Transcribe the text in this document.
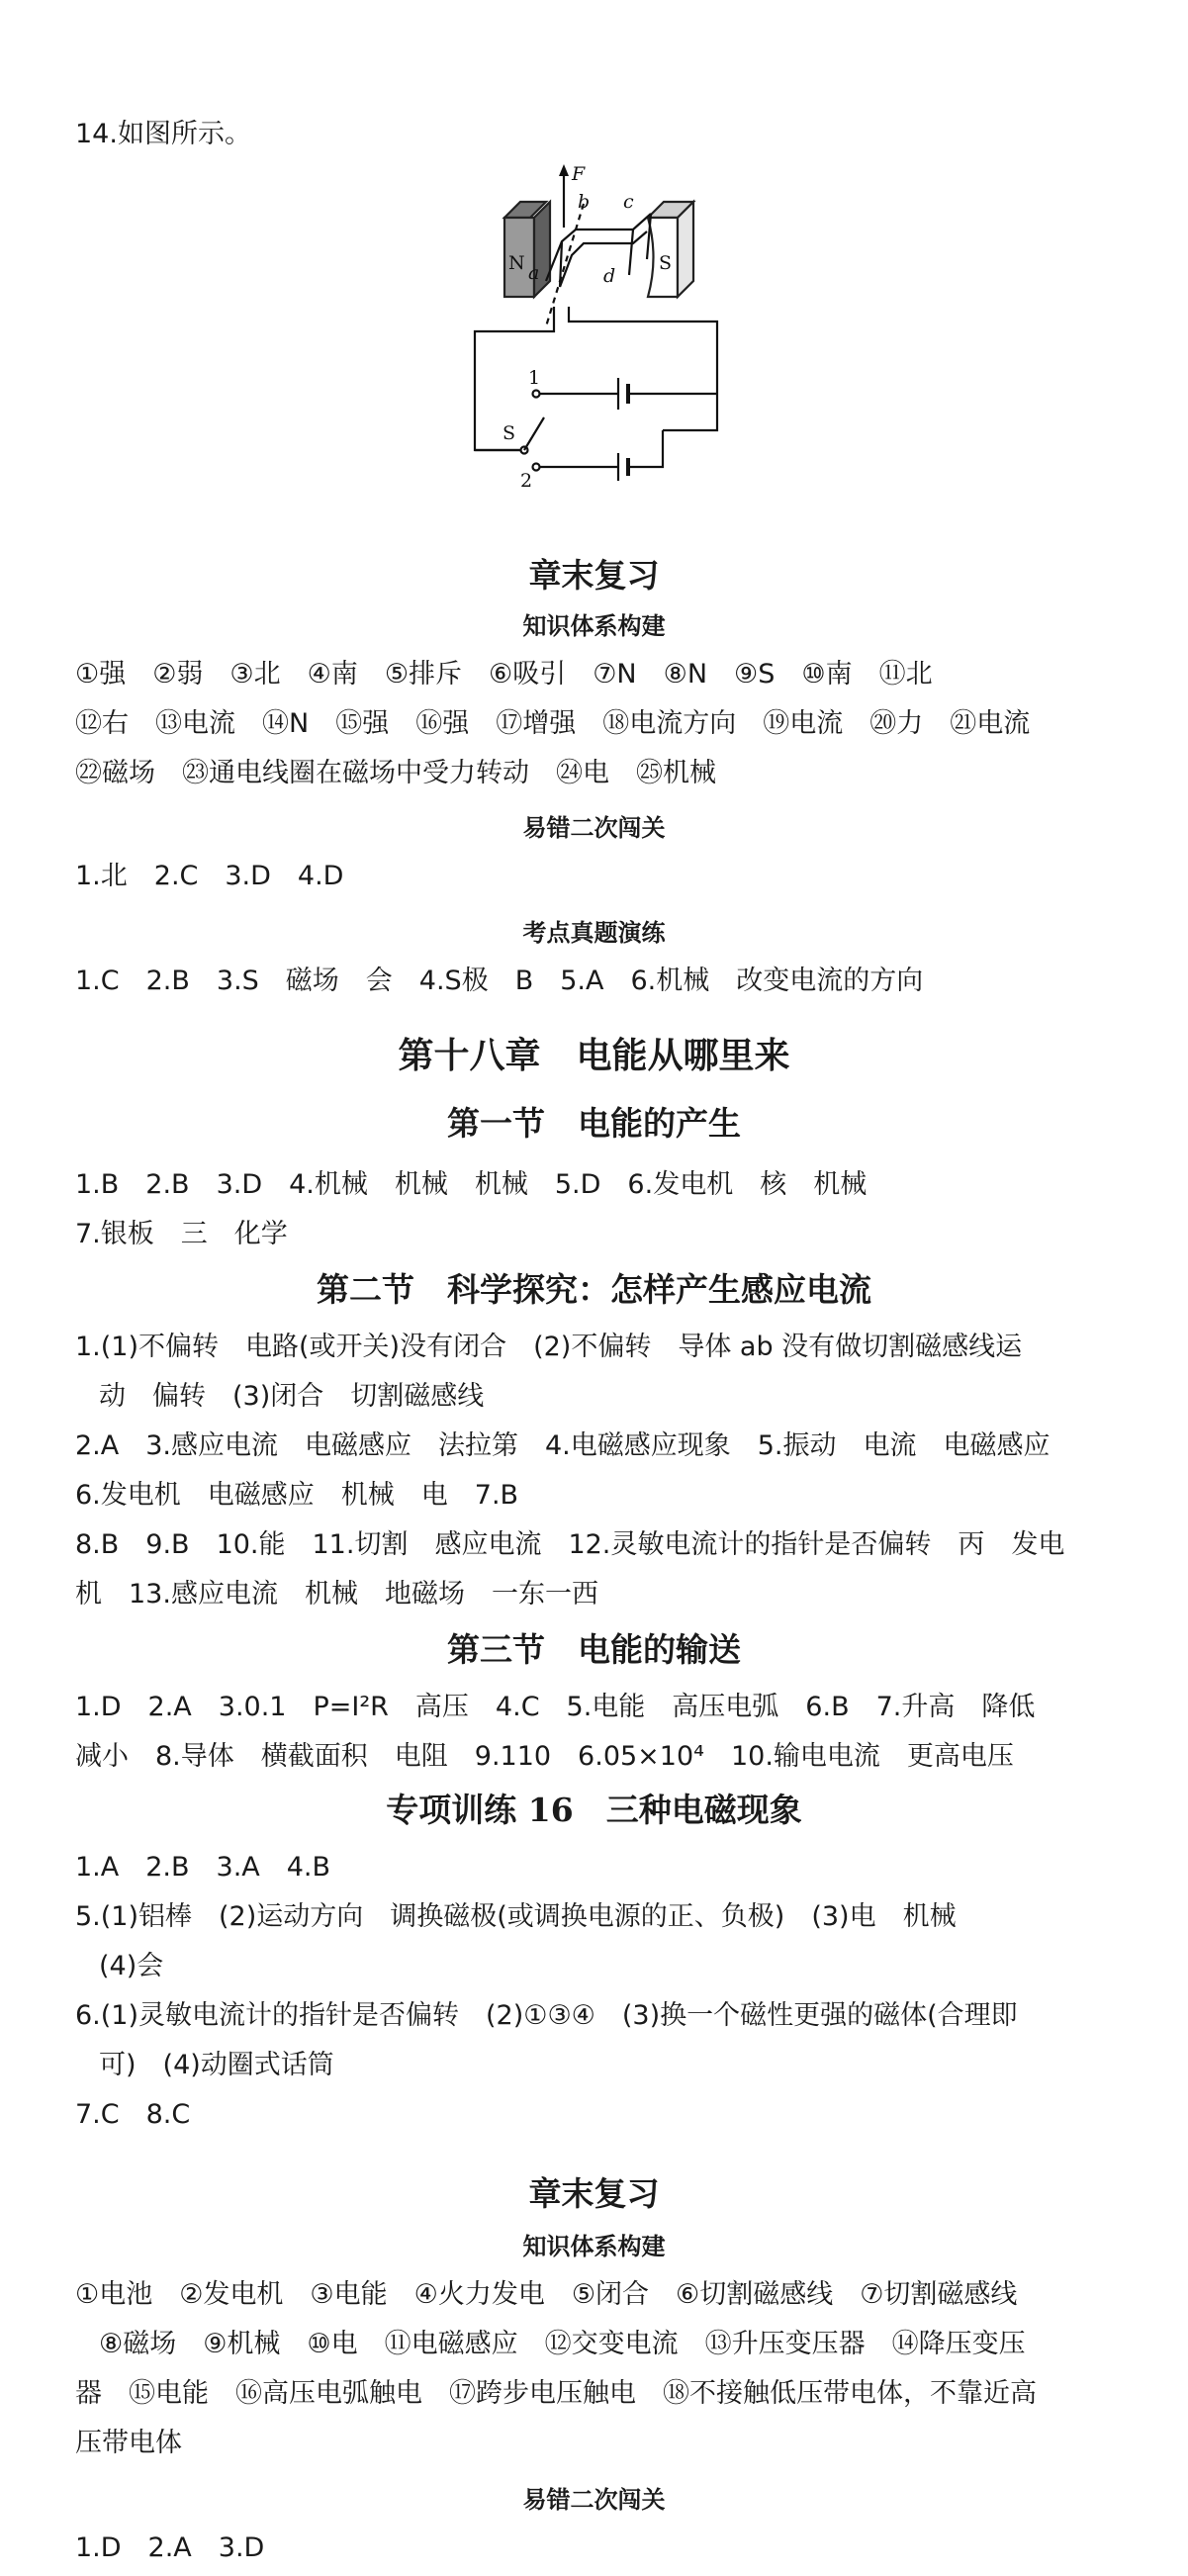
14.如图所示。
F
b c
a	d
N	S
S
1
2
章末复习
知识体系构建
①强　②弱　③北　④南　⑤排斥　⑥吸引　⑦N　⑧N　⑨S　⑩南　⑪北
⑫右　⑬电流　⑭N　⑮强　⑯强　⑰增强　⑱电流方向　⑲电流　⑳力　㉑电流
㉒磁场　㉓通电线圈在磁场中受力转动　㉔电　㉕机械
易错二次闯关
1.北　2.C　3.D　4.D
考点真题演练
1.C　2.B　3.S　磁场　会　4.S极　B　5.A　6.机械　改变电流的方向
第十八章　电能从哪里来
第一节　电能的产生
1.B　2.B　3.D　4.机械　机械　机械　5.D　6.发电机　核　机械
7.银板　三　化学
第二节　科学探究：怎样产生感应电流
1.(1)不偏转　电路(或开关)没有闭合　(2)不偏转　导体 ab 没有做切割磁感线运
动　偏转　(3)闭合　切割磁感线
2.A　3.感应电流　电磁感应　法拉第　4.电磁感应现象　5.振动　电流　电磁感应
6.发电机　电磁感应　机械　电　7.B
8.B　9.B　10.能　11.切割　感应电流　12.灵敏电流计的指针是否偏转　丙　发电
机　13.感应电流　机械　地磁场　一东一西
第三节　电能的输送
1.D　2.A　3.0.1　P=I²R　高压　4.C　5.电能　高压电弧　6.B　7.升高　降低
减小　8.导体　横截面积　电阻　9.110　6.05×10⁴　10.输电电流　更高电压
专项训练 16　三种电磁现象
1.A　2.B　3.A　4.B
5.(1)铝棒　(2)运动方向　调换磁极(或调换电源的正、负极)　(3)电　机械
(4)会
6.(1)灵敏电流计的指针是否偏转　(2)①③④　(3)换一个磁性更强的磁体(合理即
可)　(4)动圈式话筒
7.C　8.C
章末复习
知识体系构建
①电池　②发电机　③电能　④火力发电　⑤闭合　⑥切割磁感线　⑦切割磁感线
⑧磁场　⑨机械　⑩电　⑪电磁感应　⑫交变电流　⑬升压变压器　⑭降压变压
器　⑮电能　⑯高压电弧触电　⑰跨步电压触电　⑱不接触低压带电体，不靠近高
压带电体
易错二次闯关
1.D　2.A　3.D
